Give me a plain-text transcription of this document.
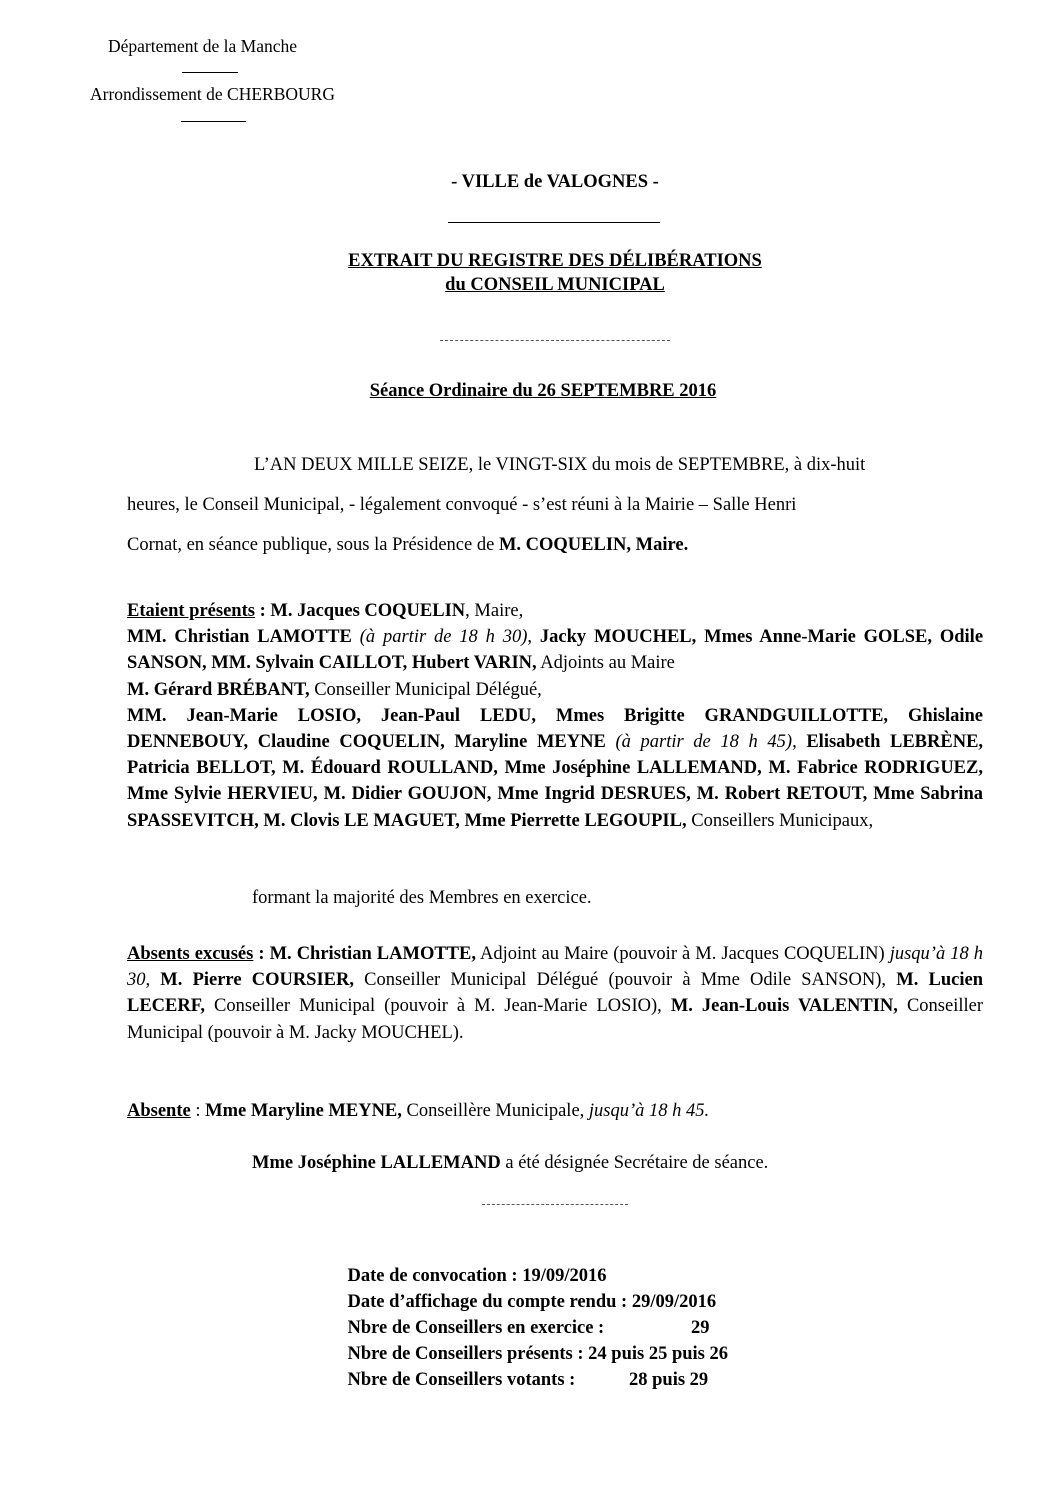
Département de la Manche
Arrondissement de CHERBOURG
- VILLE de VALOGNES -
EXTRAIT DU REGISTRE DES DÉLIBÉRATIONS
du CONSEIL MUNICIPAL
Séance Ordinaire du 26 SEPTEMBRE 2016
L’AN DEUX MILLE SEIZE, le VINGT-SIX du mois de SEPTEMBRE, à dix-huit
heures, le Conseil Municipal, - légalement convoqué - s’est réuni à la Mairie – Salle Henri
Cornat, en séance publique, sous la Présidence de M. COQUELIN, Maire.
Etaient présents : M. Jacques COQUELIN, Maire,
MM. Christian LAMOTTE (à partir de 18 h 30), Jacky MOUCHEL, Mmes Anne-Marie GOLSE, Odile SANSON, MM. Sylvain CAILLOT, Hubert VARIN, Adjoints au Maire
M. Gérard BRÉBANT, Conseiller Municipal Délégué,
MM. Jean-Marie LOSIO, Jean-Paul LEDU, Mmes Brigitte GRANDGUILLOTTE, Ghislaine DENNEBOUY, Claudine COQUELIN, Maryline MEYNE (à partir de 18 h 45), Elisabeth LEBRÈNE, Patricia BELLOT, M. Édouard ROULLAND, Mme Joséphine LALLEMAND, M. Fabrice RODRIGUEZ, Mme Sylvie HERVIEU, M. Didier GOUJON, Mme Ingrid DESRUES, M. Robert RETOUT, Mme Sabrina SPASSEVITCH, M. Clovis LE MAGUET, Mme Pierrette LEGOUPIL, Conseillers Municipaux,
formant la majorité des Membres en exercice.
Absents excusés : M. Christian LAMOTTE, Adjoint au Maire (pouvoir à M. Jacques COQUELIN) jusqu’à 18 h 30, M. Pierre COURSIER, Conseiller Municipal Délégué (pouvoir à Mme Odile SANSON), M. Lucien LECERF, Conseiller Municipal (pouvoir à M. Jean-Marie LOSIO), M. Jean-Louis VALENTIN, Conseiller Municipal (pouvoir à M. Jacky MOUCHEL).
Absente : Mme Maryline MEYNE, Conseillère Municipale, jusqu’à 18 h 45.
Mme Joséphine LALLEMAND a été désignée Secrétaire de séance.

Date de convocation : 19/09/2016

Date d’affichage du compte rendu : 29/09/2016

Nbre de Conseillers en exercice :	29

Nbre de Conseillers présents : 24 puis 25 puis 26

Nbre de Conseillers votants :	28 puis 29
